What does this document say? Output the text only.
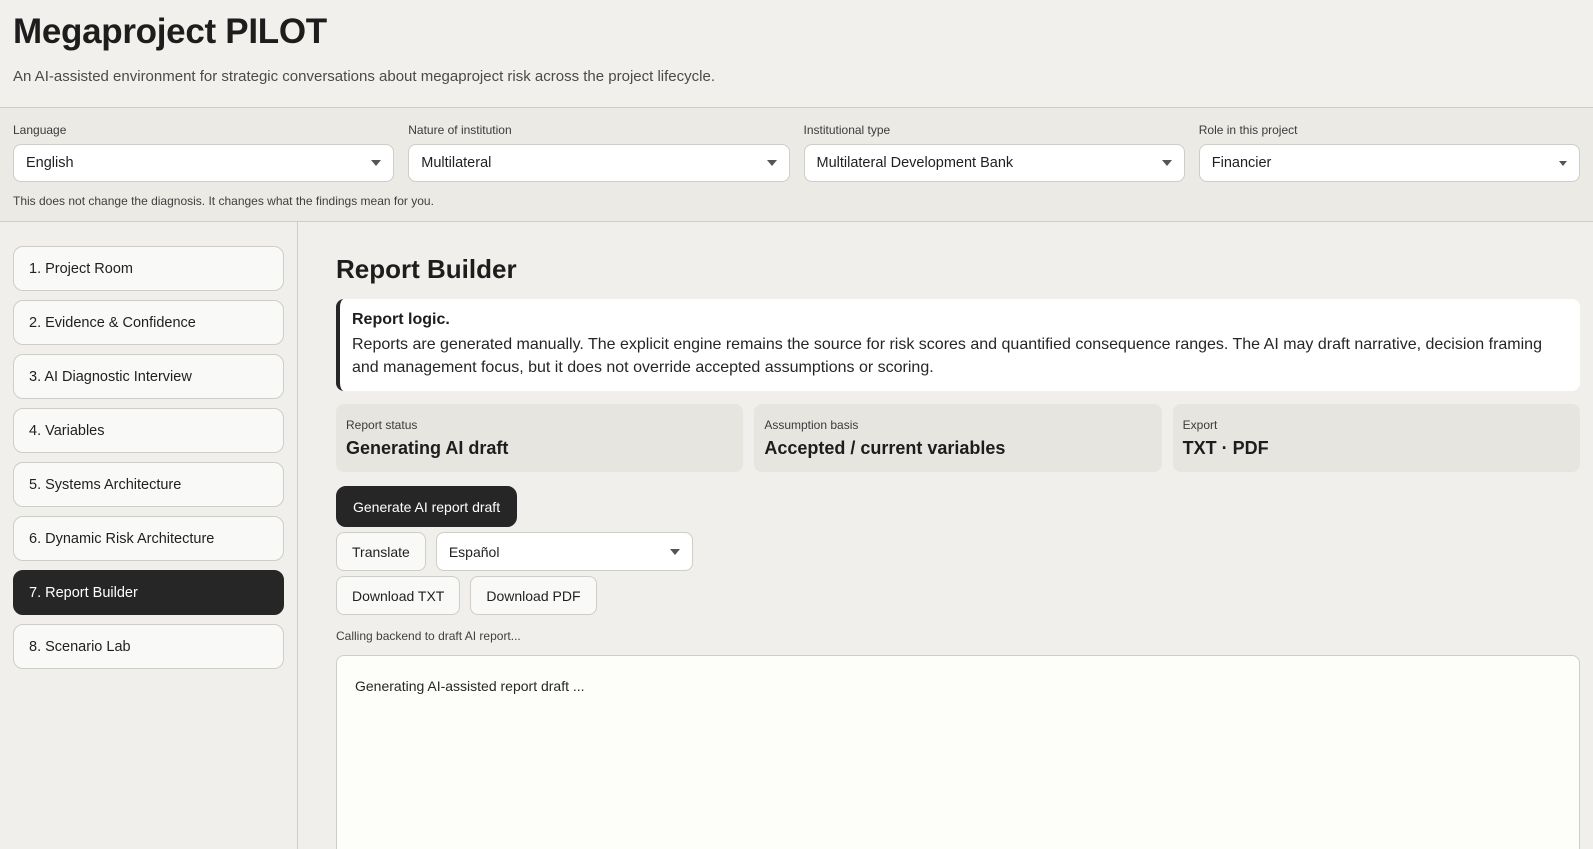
Megaproject PILOT
An AI-assisted environment for strategic conversations about megaproject risk across the project lifecycle.
Language
English
Nature of institution
Multilateral
Institutional type
Multilateral Development Bank
Role in this project
Financier
This does not change the diagnosis. It changes what the findings mean for you.
1. Project Room
2. Evidence & Confidence
3. AI Diagnostic Interview
4. Variables
5. Systems Architecture
6. Dynamic Risk Architecture
7. Report Builder
8. Scenario Lab
Report Builder
Report logic.
Reports are generated manually. The explicit engine remains the source for risk scores and quantified consequence ranges. The AI may draft narrative, decision framing and management focus, but it does not override accepted assumptions or scoring.
Report status
Generating AI draft
Assumption basis
Accepted / current variables
Export
TXT · PDF
Generate AI report draft
Translate	Español
Download TXT	Download PDF
Calling backend to draft AI report...
Generating AI-assisted report draft ...
